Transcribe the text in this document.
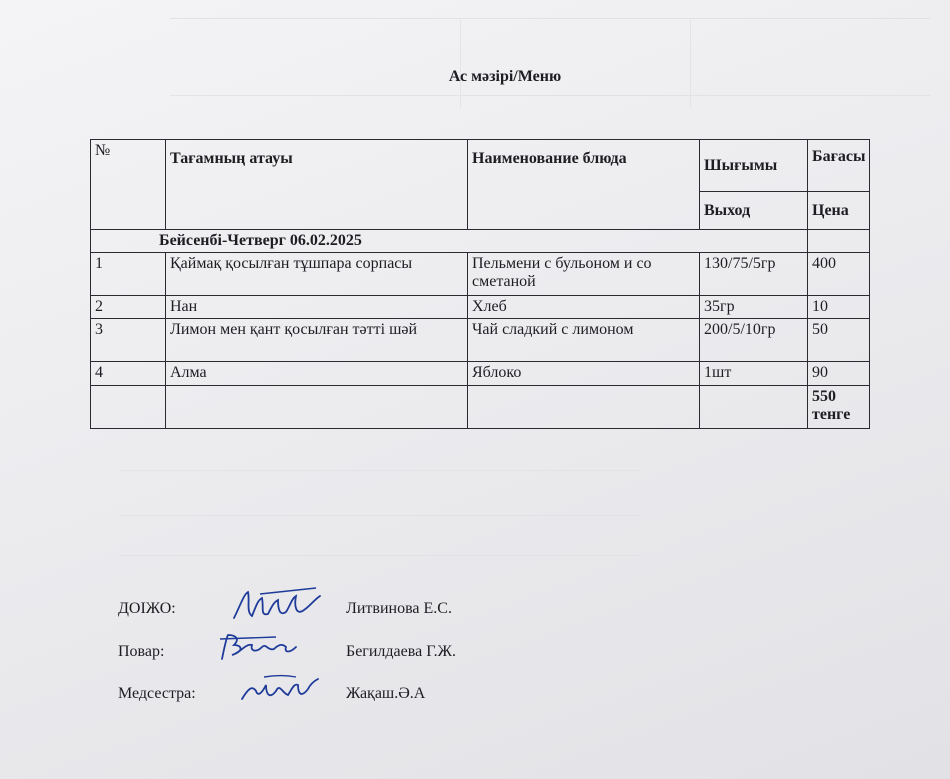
Ас мәзірі/Меню
№	Тағамның атауы	Наименование блюда	Шығымы	Бағасы
			Выход	Цена
Бейсенбі-Четверг 06.02.2025				
1	Қаймақ қосылған тұшпара сорпасы	Пельмени с бульоном и со сметаной	130/75/5гр	400
2	Нан	Хлеб	35гр	10
3	Лимон мен қант қосылған тәтті шәй	Чай сладкий с лимоном	200/5/10гр	50
4	Алма	Яблоко	1шт	90
				550 тенге
ДОІЖО:	Литвинова Е.С.
Повар:	Бегилдаева Г.Ж.
Медсестра:	Жақаш.Ә.А
